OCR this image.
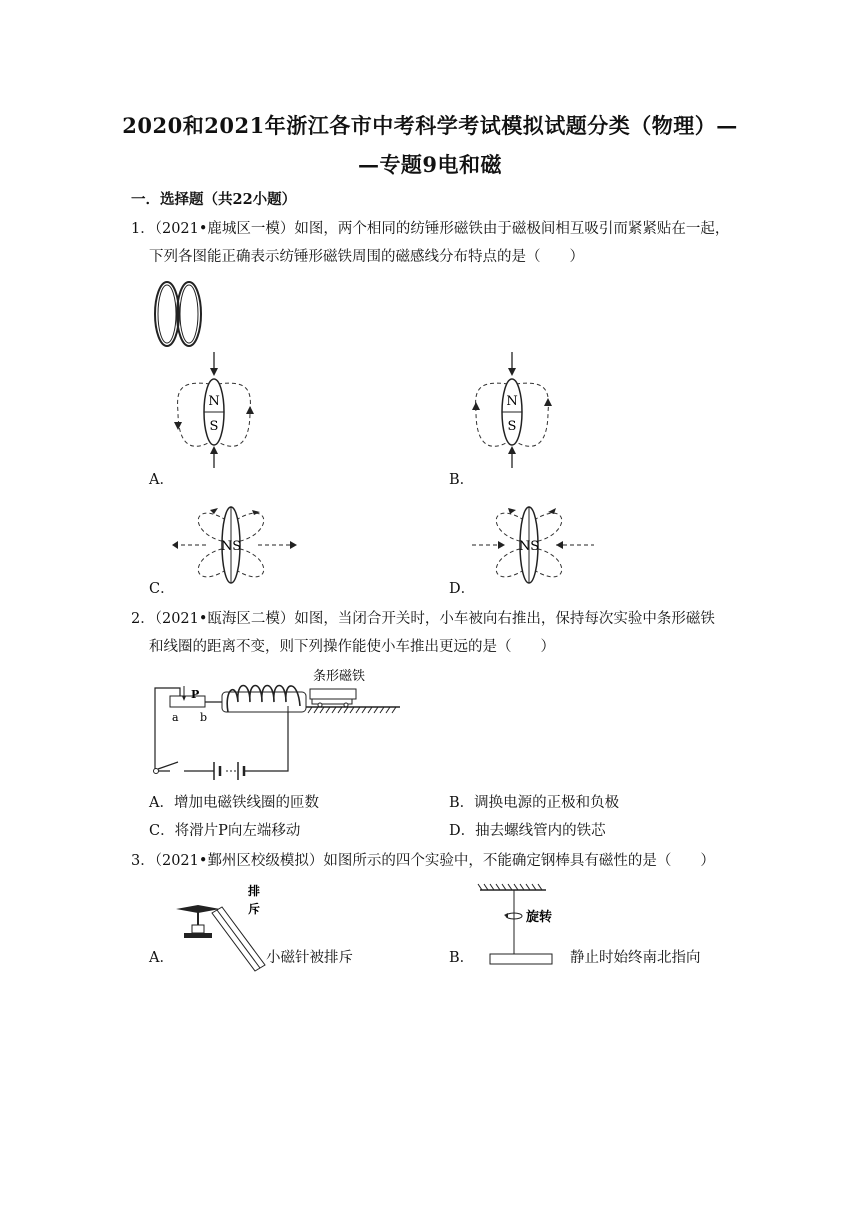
2020和2021年浙江各市中考科学考试模拟试题分类（物理）—
—专题9电和磁
一．选择题（共22小题）
1．（2021•鹿城区一模）如图，两个相同的纺锤形磁铁由于磁极间相互吸引而紧紧贴在一起，
下列各图能正确表示纺锤形磁铁周围的磁感线分布特点的是（　　）
N
S
A．
N
S
B．
NS
C．
NS
D．
2．（2021•瓯海区二模）如图，当闭合开关时，小车被向右推出，保持每次实验中条形磁铁
和线圈的距离不变，则下列操作能使小车推出更远的是（　　）
P
a b
条形磁铁
A．增加电磁铁线圈的匝数	B．调换电源的正极和负极
C．将滑片P向左端移动	D．抽去螺线管内的铁芯
3．（2021•鄞州区校级模拟）如图所示的四个实验中，不能确定钢棒具有磁性的是（　　）
A．
排
斥
小磁针被排斥	B．
旋转
静止时始终南北指向
